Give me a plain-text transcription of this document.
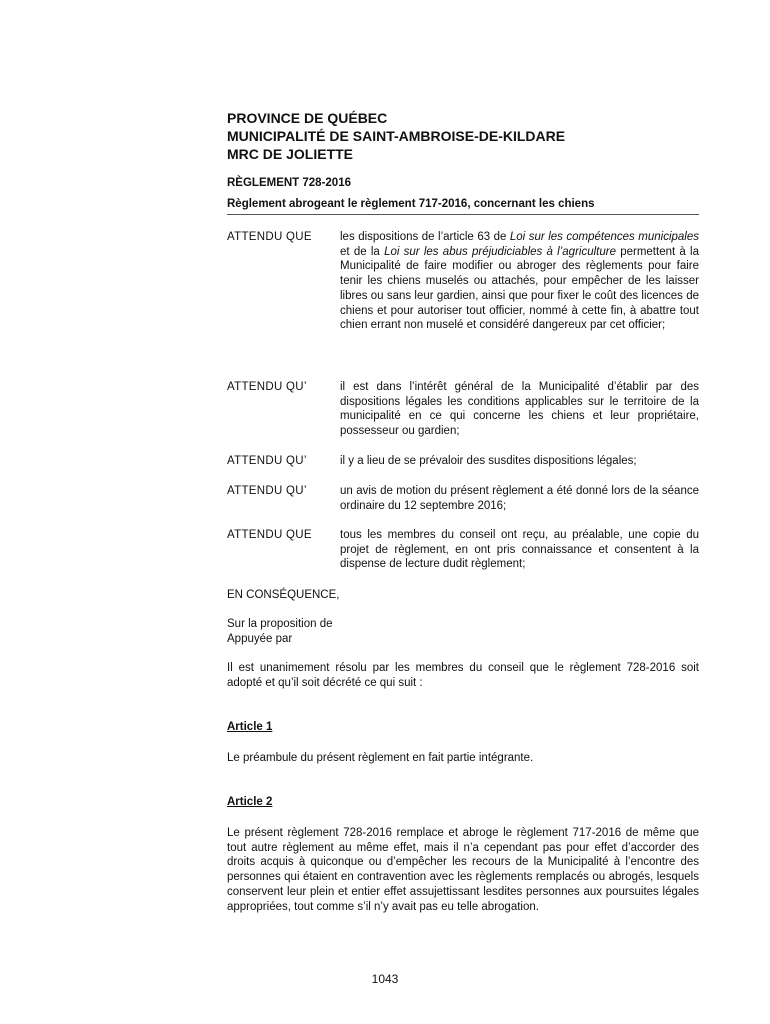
PROVINCE DE QUÉBEC
MUNICIPALITÉ DE SAINT-AMBROISE-DE-KILDARE
MRC DE JOLIETTE
RÈGLEMENT 728-2016
Règlement abrogeant le règlement 717-2016, concernant les chiens
ATTENDU QUE les dispositions de l’article 63 de Loi sur les compétences municipales et de la Loi sur les abus préjudiciables à l’agriculture permettent à la Municipalité de faire modifier ou abroger des règlements pour faire tenir les chiens muselés ou attachés, pour empêcher de les laisser libres ou sans leur gardien, ainsi que pour fixer le coût des licences de chiens et pour autoriser tout officier, nommé à cette fin, à abattre tout chien errant non muselé et considéré dangereux par cet officier;
ATTENDU QU’	il est dans l’intérêt général de la Municipalité d’établir par des dispositions légales les conditions applicables sur le territoire de la municipalité en ce qui concerne les chiens et leur propriétaire, possesseur ou gardien;
ATTENDU QU’	il y a lieu de se prévaloir des susdites dispositions légales;
ATTENDU QU’	un avis de motion du présent règlement a été donné lors de la séance ordinaire du 12 septembre 2016;
ATTENDU QUE tous les membres du conseil ont reçu, au préalable, une copie du projet de règlement, en ont pris connaissance et consentent à la dispense de lecture dudit règlement;
EN CONSÉQUENCE,
Sur la proposition de
Appuyée par
Il est unanimement résolu par les membres du conseil que le règlement 728-2016 soit adopté et qu’il soit décrété ce qui suit :
Article 1
Le préambule du présent règlement en fait partie intégrante.
Article 2
Le présent règlement 728-2016 remplace et abroge le règlement 717-2016 de même que tout autre règlement au même effet, mais il n’a cependant pas pour effet d’accorder des droits acquis à quiconque ou d’empêcher les recours de la Municipalité à l’encontre des personnes qui étaient en contravention avec les règlements remplacés ou abrogés, lesquels conservent leur plein et entier effet assujettissant lesdites personnes aux poursuites légales appropriées, tout comme s’il n’y avait pas eu telle abrogation.
1043
